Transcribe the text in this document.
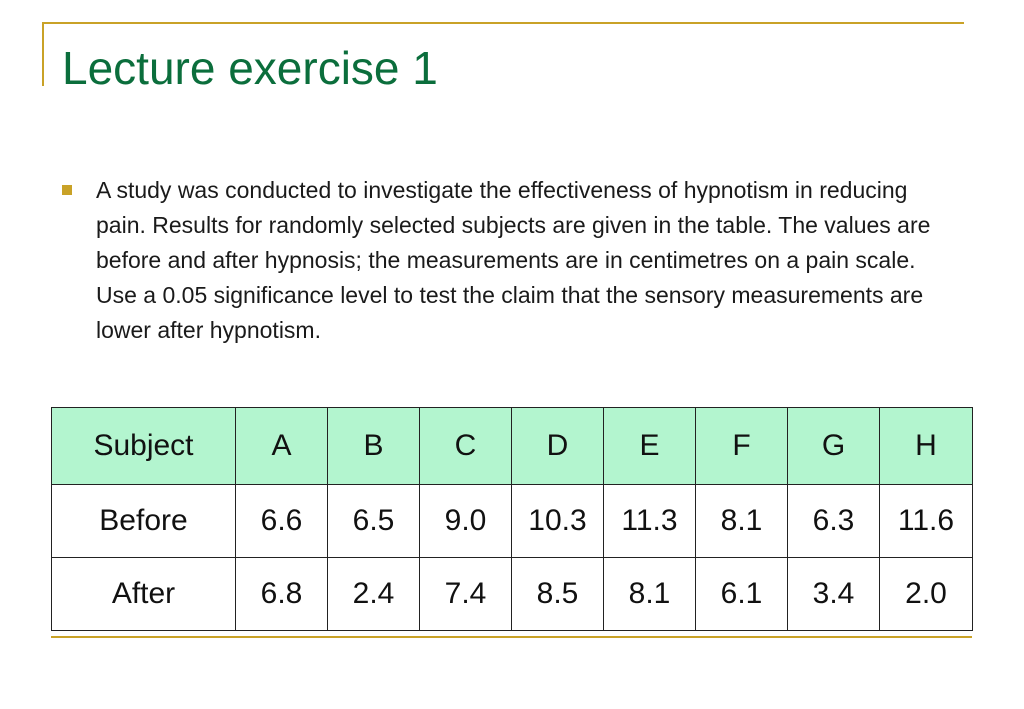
Lecture exercise 1
A study was conducted to investigate the effectiveness of hypnotism in reducing pain. Results for randomly selected subjects are given in the table. The values are before and after hypnosis; the measurements are in centimetres on a pain scale. Use a 0.05 significance level to test the claim that the sensory measurements are lower after hypnotism.
Subject	A	B	C	D	E	F	G	H
Before	6.6	6.5	9.0	10.3	11.3	8.1	6.3	11.6
After	6.8	2.4	7.4	8.5	8.1	6.1	3.4	2.0
